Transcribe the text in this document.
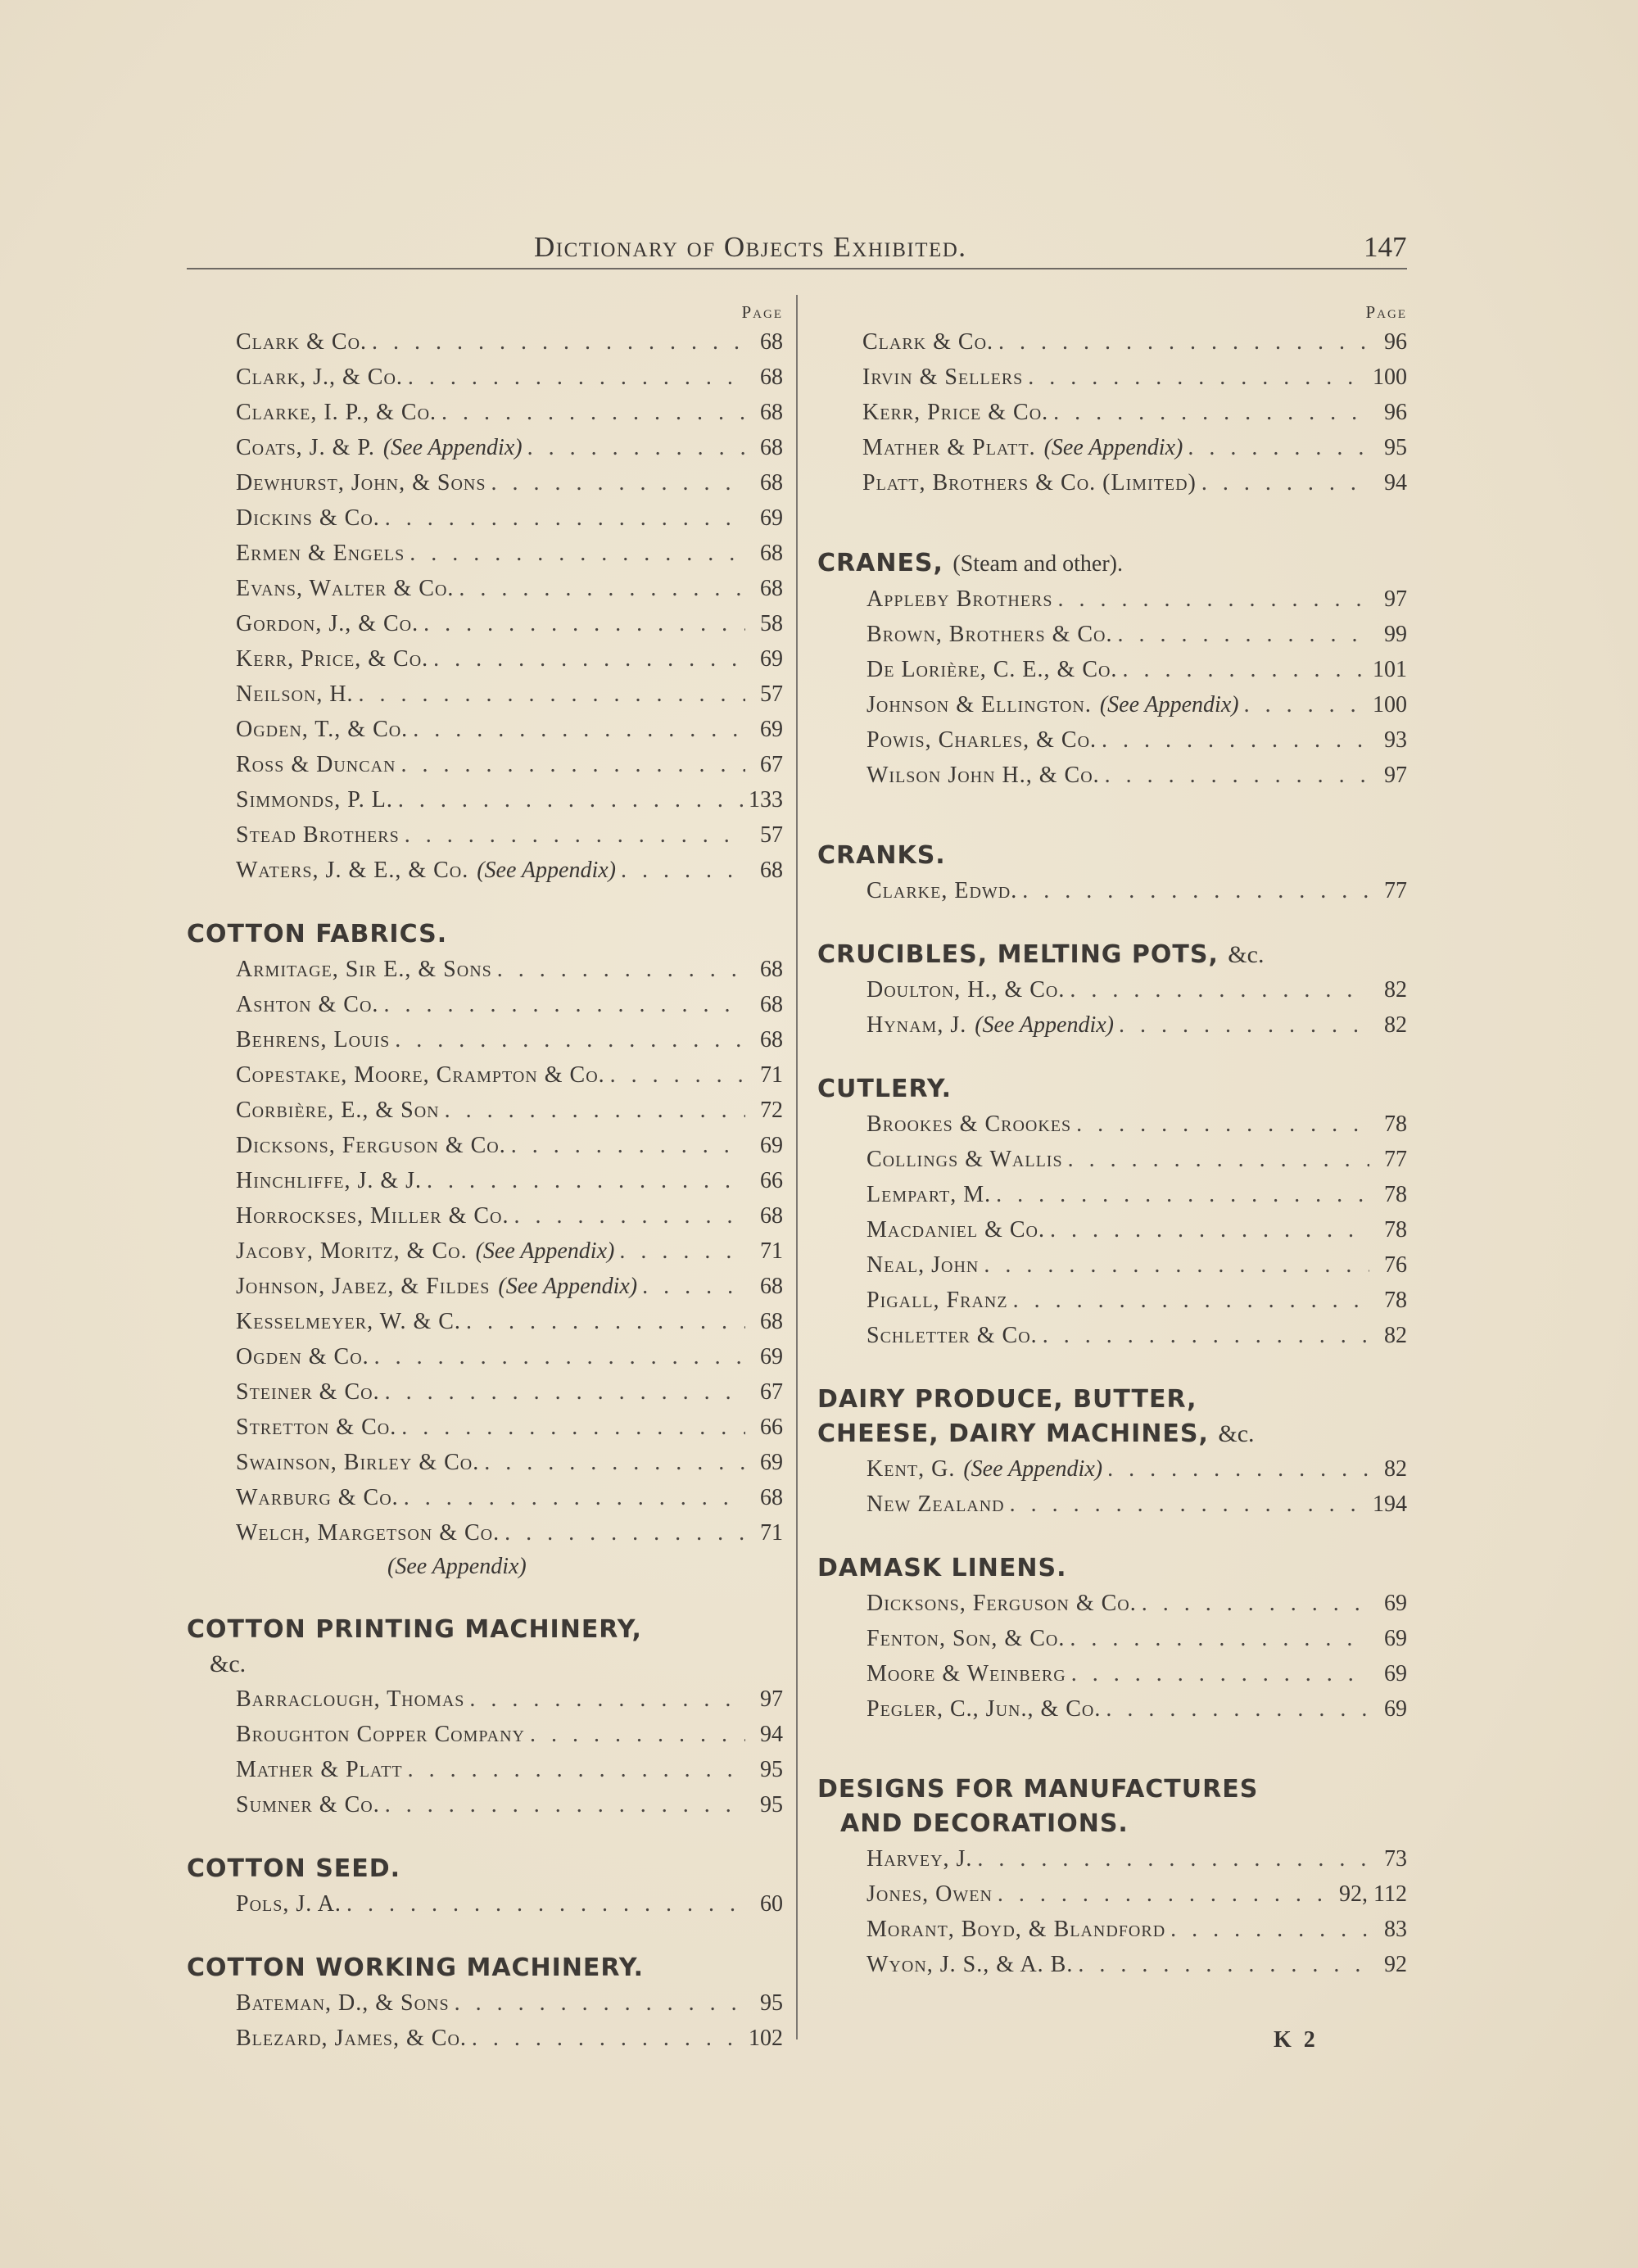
Dictionary of Objects Exhibited.	147
Page
Clark & Co. . . .	68
Clark, J., & Co. . . .	68
Clarke, I. P., & Co. . . .	68
Coats, J. & P. (See Appendix) . . .	68
Dewhurst, John, & Sons . . .	68
Dickins & Co. . . .	69
Ermen & Engels . . .	68
Evans, Walter & Co. . . .	68
Gordon, J., & Co. . . .	58
Kerr, Price, & Co. . . .	69
Neilson, H. . . .	57
Ogden, T., & Co. . . .	69
Ross & Duncan . . .	67
Simmonds, P. L. . . .	133
Stead Brothers . . .	57
Waters, J. & E., & Co. (See Appendix) . . .	68
COTTON FABRICS.
Armitage, Sir E., & Sons . . .	68
Ashton & Co. . . .	68
Behrens, Louis . . .	68
Copestake, Moore, Crampton & Co. . . .	71
Corbière, E., & Son . . .	72
Dicksons, Ferguson & Co. . . .	69
Hinchliffe, J. & J. . . .	66
Horrockses, Miller & Co. . . .	68
Jacoby, Moritz, & Co. (See Appendix) . . .	71
Johnson, Jabez, & Fildes (See Appendix) . . .	68
Kesselmeyer, W. & C. . . .	68
Ogden & Co. . . .	69
Steiner & Co. . . .	67
Stretton & Co. . . .	66
Swainson, Birley & Co. . . .	69
Warburg & Co. . . .	68
Welch, Margetson & Co. . . .	71
(See Appendix)
COTTON PRINTING MACHINERY,
&c.
Barraclough, Thomas . . .	97
Broughton Copper Company . . .	94
Mather & Platt . . .	95
Sumner & Co. . . .	95
COTTON SEED.
Pols, J. A. . . .	60
COTTON WORKING MACHINERY.
Bateman, D., & Sons . . .	95
Blezard, James, & Co. . . .	102
Page
Clark & Co. . . .	96
Irvin & Sellers . . .	100
Kerr, Price & Co. . . .	96
Mather & Platt. (See Appendix) . . .	95
Platt, Brothers & Co. (Limited) . . .	94
CRANES, (Steam and other).
Appleby Brothers . . .	97
Brown, Brothers & Co. . . .	99
De Lorière, C. E., & Co. . . .	101
Johnson & Ellington. (See Appendix) . . .	100
Powis, Charles, & Co. . . .	93
Wilson John H., & Co. . . .	97
CRANKS.
Clarke, Edwd. . . .	77
CRUCIBLES, MELTING POTS, &c.
Doulton, H., & Co. . . .	82
Hynam, J. (See Appendix) . . .	82
CUTLERY.
Brookes & Crookes . . .	78
Collings & Wallis . . .	77
Lempart, M. . . .	78
Macdaniel & Co. . . .	78
Neal, John . . .	76
Pigall, Franz . . .	78
Schletter & Co. . . .	82
DAIRY PRODUCE, BUTTER,
CHEESE, DAIRY MACHINES, &c.
Kent, G. (See Appendix) . . .	82
New Zealand . . .	194
DAMASK LINENS.
Dicksons, Ferguson & Co. . . .	69
Fenton, Son, & Co. . . .	69
Moore & Weinberg . . .	69
Pegler, C., Jun., & Co. . . .	69
DESIGNS FOR MANUFACTURES
AND DECORATIONS.
Harvey, J. . . .	73
Jones, Owen . . .	92, 112
Morant, Boyd, & Blandford . . .	83
Wyon, J. S., & A. B. . . .	92
K 2
